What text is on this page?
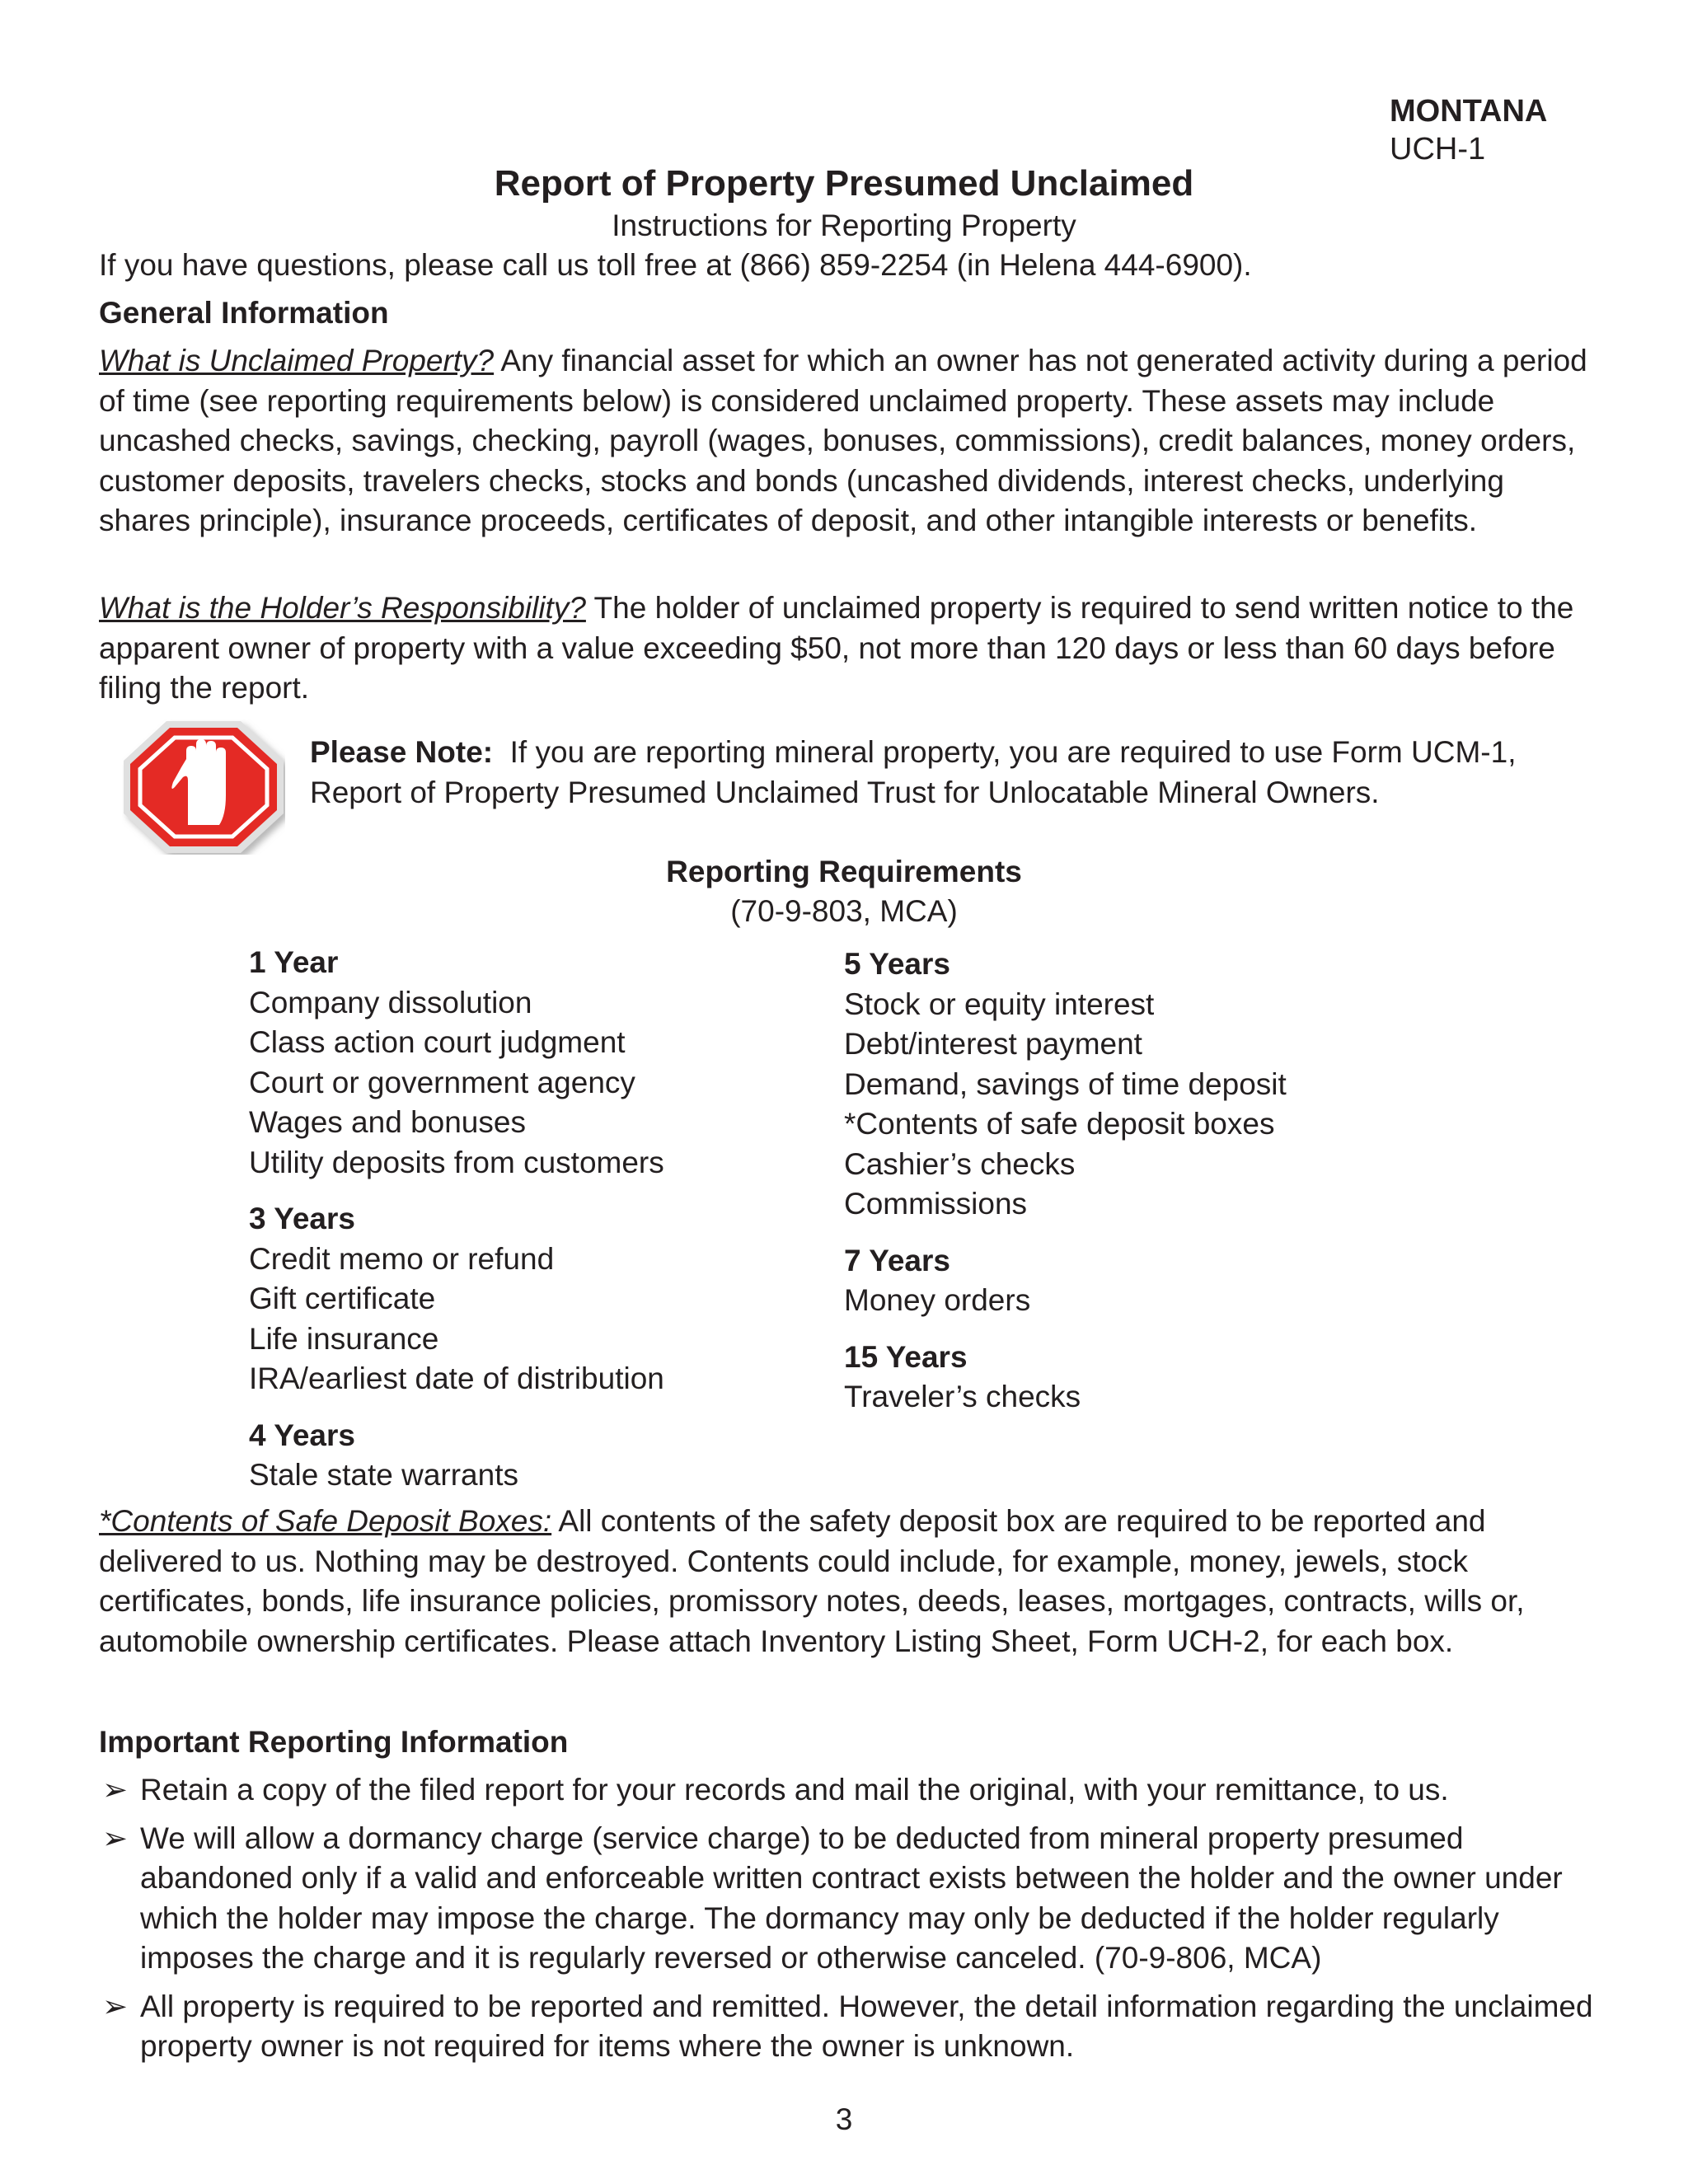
MONTANA
UCH-1
Report of Property Presumed Unclaimed
Instructions for Reporting Property
If you have questions, please call us toll free at (866) 859-2254 (in Helena 444-6900).
General Information
What is Unclaimed Property? Any financial asset for which an owner has not generated activity during a period of time (see reporting requirements below) is considered unclaimed property. These assets may include uncashed checks, savings, checking, payroll (wages, bonuses, commissions), credit balances, money orders, customer deposits, travelers checks, stocks and bonds (uncashed dividends, interest checks, underlying shares principle), insurance proceeds, certificates of deposit, and other intangible interests or benefits.
What is the Holder’s Responsibility? The holder of unclaimed property is required to send written notice to the apparent owner of property with a value exceeding $50, not more than 120 days or less than 60 days before filing the report.
Please Note: If you are reporting mineral property, you are required to use Form UCM-1, Report of Property Presumed Unclaimed Trust for Unlocatable Mineral Owners.
Reporting Requirements
(70-9-803, MCA)
1 Year
Company dissolution
Class action court judgment
Court or government agency
Wages and bonuses
Utility deposits from customers
3 Years
Credit memo or refund
Gift certificate
Life insurance
IRA/earliest date of distribution
4 Years
Stale state warrants
5 Years
Stock or equity interest
Debt/interest payment
Demand, savings of time deposit
*Contents of safe deposit boxes
Cashier’s checks
Commissions
7 Years
Money orders
15 Years
Traveler’s checks
*Contents of Safe Deposit Boxes: All contents of the safety deposit box are required to be reported and delivered to us. Nothing may be destroyed. Contents could include, for example, money, jewels, stock certificates, bonds, life insurance policies, promissory notes, deeds, leases, mortgages, contracts, wills or, automobile ownership certificates. Please attach Inventory Listing Sheet, Form UCH-2, for each box.
Important Reporting Information
➢ Retain a copy of the filed report for your records and mail the original, with your remittance, to us.
➢ We will allow a dormancy charge (service charge) to be deducted from mineral property presumed abandoned only if a valid and enforceable written contract exists between the holder and the owner under which the holder may impose the charge. The dormancy may only be deducted if the holder regularly imposes the charge and it is regularly reversed or otherwise canceled. (70-9-806, MCA)
➢ All property is required to be reported and remitted. However, the detail information regarding the unclaimed property owner is not required for items where the owner is unknown.
3
